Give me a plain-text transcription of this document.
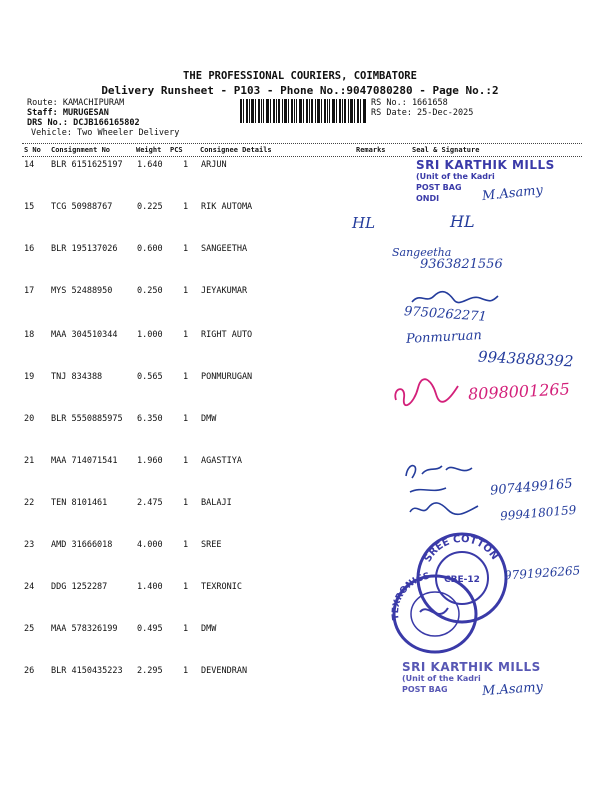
THE PROFESSIONAL COURIERS, COIMBATORE
Delivery Runsheet - P103 - Phone No.:9047080280 - Page No.:2
Route: KAMACHIPURAM
Staff: MURUGESAN
DRS No.: DCJB166165802
Vehicle: Two Wheeler Delivery
RS No.: 1661658
RS Date: 25-Dec-2025
S No Consignment No	Weight PCS Consignee Details	Remarks	Seal & Signature
14 BLR 6151625197 1.640 1 ARJUN
15 TCG 50988767	0.225 1 RIK AUTOMA
16 BLR 195137026 0.600 1 SANGEETHA
17 MYS 52488950	0.250 1 JEYAKUMAR
18 MAA 304510344 1.000 1 RIGHT AUTO
19 TNJ 834388	0.565 1 PONMURUGAN
20 BLR 5550885975 6.350 1 DMW
21 MAA 714071541 1.960 1 AGASTIYA
22 TEN 8101461	2.475 1 BALAJI
23 AMD 31666018	4.000 1 SREE
24 DDG 1252287	1.400 1 TEXRONIC
25 MAA 578326199 0.495 1 DMW
26 BLR 4150435223 2.295 1 DEVENDRAN
SRI KARTHIK MILLS
(Unit of the Kadri
POST BAG
ONDI	M.Asamy
HL	HL
Sangeetha
9363821556
9750262271
Ponmuruan
9943888392
8098001265
9074499165
9994180159
SREE COTTON
CBE-12 9791926265
TEXRONICS
SRI KARTHIK MILLS
(Unit of the Kadri
POST BAG	M.Asamy
